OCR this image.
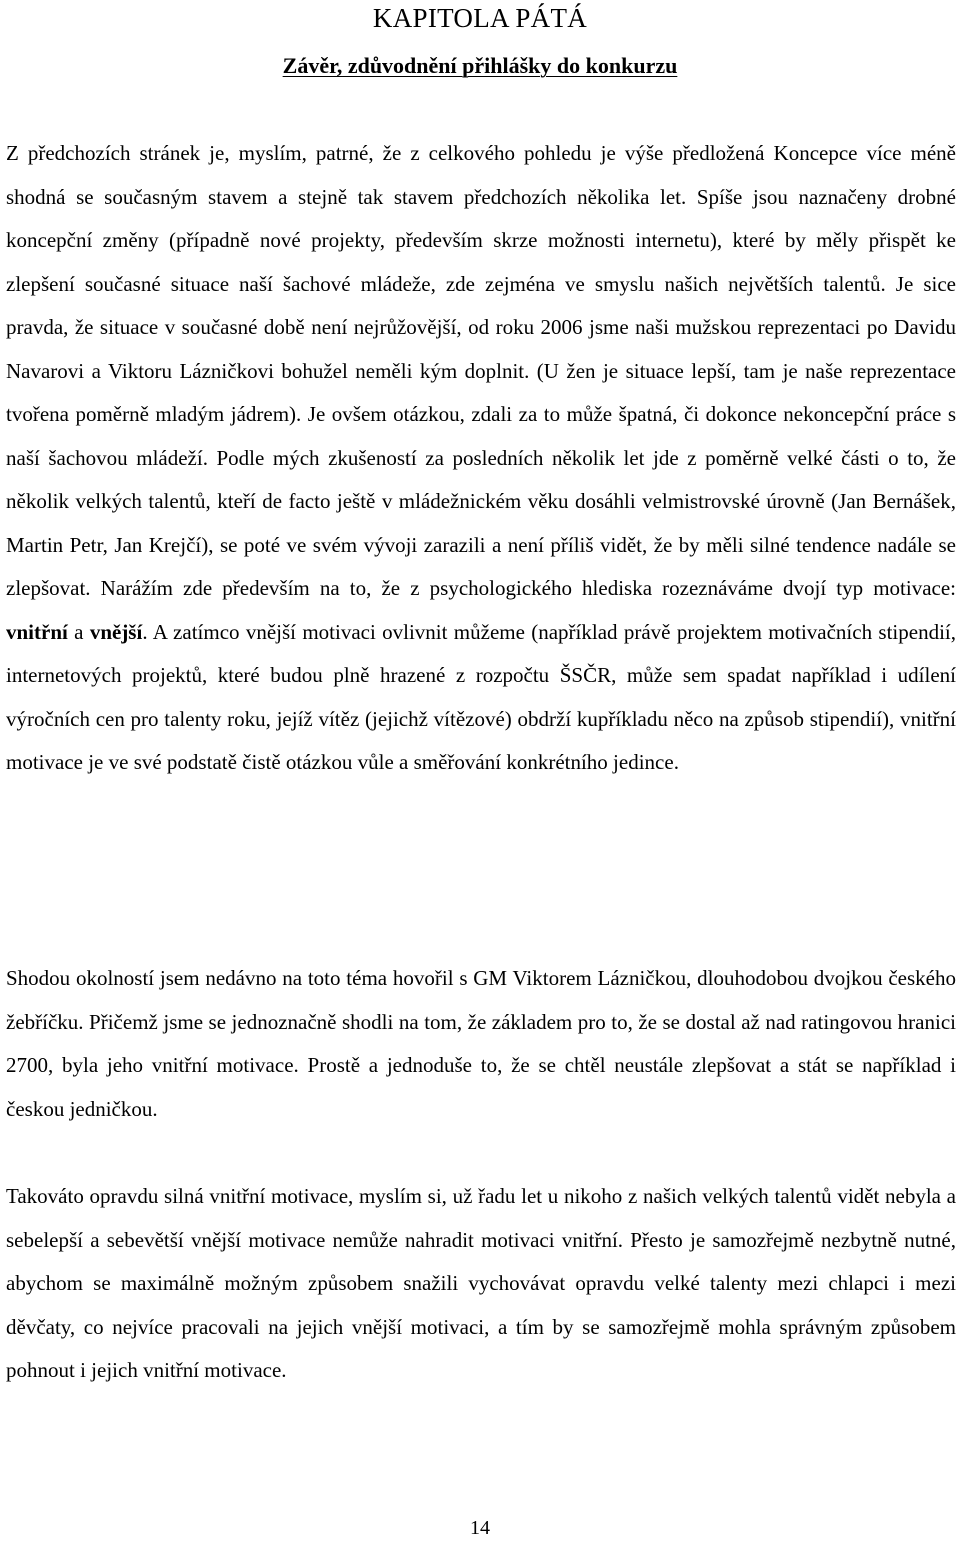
KAPITOLA PÁTÁ
Závěr, zdůvodnění přihlášky do konkurzu

Z předchozích stránek je, myslím, patrné, že z celkového pohledu je výše předložená Koncepce více méně shodná se současným stavem a stejně tak stavem předchozích několika let. Spíše jsou naznačeny drobné koncepční změny (případně nové projekty, především skrze možnosti internetu), které by měly přispět ke zlepšení současné situace naší šachové mládeže, zde zejména ve smyslu našich největších talentů. Je sice pravda, že situace v současné době není nejrůžovější, od roku 2006 jsme naši mužskou reprezentaci po Davidu Navarovi a Viktoru Lázničkovi bohužel neměli kým doplnit. (U žen je situace lepší, tam je naše reprezentace tvořena poměrně mladým jádrem). Je ovšem otázkou, zdali za to může špatná, či dokonce nekoncepční práce s naší šachovou mládeží. Podle mých zkušeností za posledních několik let jde z poměrně velké části o to, že několik velkých talentů, kteří de facto ještě v mládežnickém věku dosáhli velmistrovské úrovně (Jan Bernášek, Martin Petr, Jan Krejčí), se poté ve svém vývoji zarazili a není příliš vidět, že by měli silné tendence nadále se zlepšovat. Narážím zde především na to, že z psychologického hlediska rozeznáváme dvojí typ motivace: vnitřní a vnější. A zatímco vnější motivaci ovlivnit můžeme (například právě projektem motivačních stipendií, internetových projektů, které budou plně hrazené z rozpočtu ŠSČR, může sem spadat například i udílení výročních cen pro talenty roku, jejíž vítěz (jejichž vítězové) obdrží kupříkladu něco na způsob stipendií), vnitřní motivace je ve své podstatě čistě otázkou vůle a směřování konkrétního jedince.

Shodou okolností jsem nedávno na toto téma hovořil s GM Viktorem Lázničkou, dlouhodobou dvojkou českého žebříčku. Přičemž jsme se jednoznačně shodli na tom, že základem pro to, že se dostal až nad ratingovou hranici 2700, byla jeho vnitřní motivace. Prostě a jednoduše to, že se chtěl neustále zlepšovat a stát se například i českou jedničkou.

Takováto opravdu silná vnitřní motivace, myslím si, už řadu let u nikoho z našich velkých talentů vidět nebyla a sebelepší a sebevětší vnější motivace nemůže nahradit motivaci vnitřní. Přesto je samozřejmě nezbytně nutné, abychom se maximálně možným způsobem snažili vychovávat opravdu velké talenty mezi chlapci i mezi děvčaty, co nejvíce pracovali na jejich vnější motivaci, a tím by se samozřejmě mohla správným způsobem pohnout i jejich vnitřní motivace.

14
